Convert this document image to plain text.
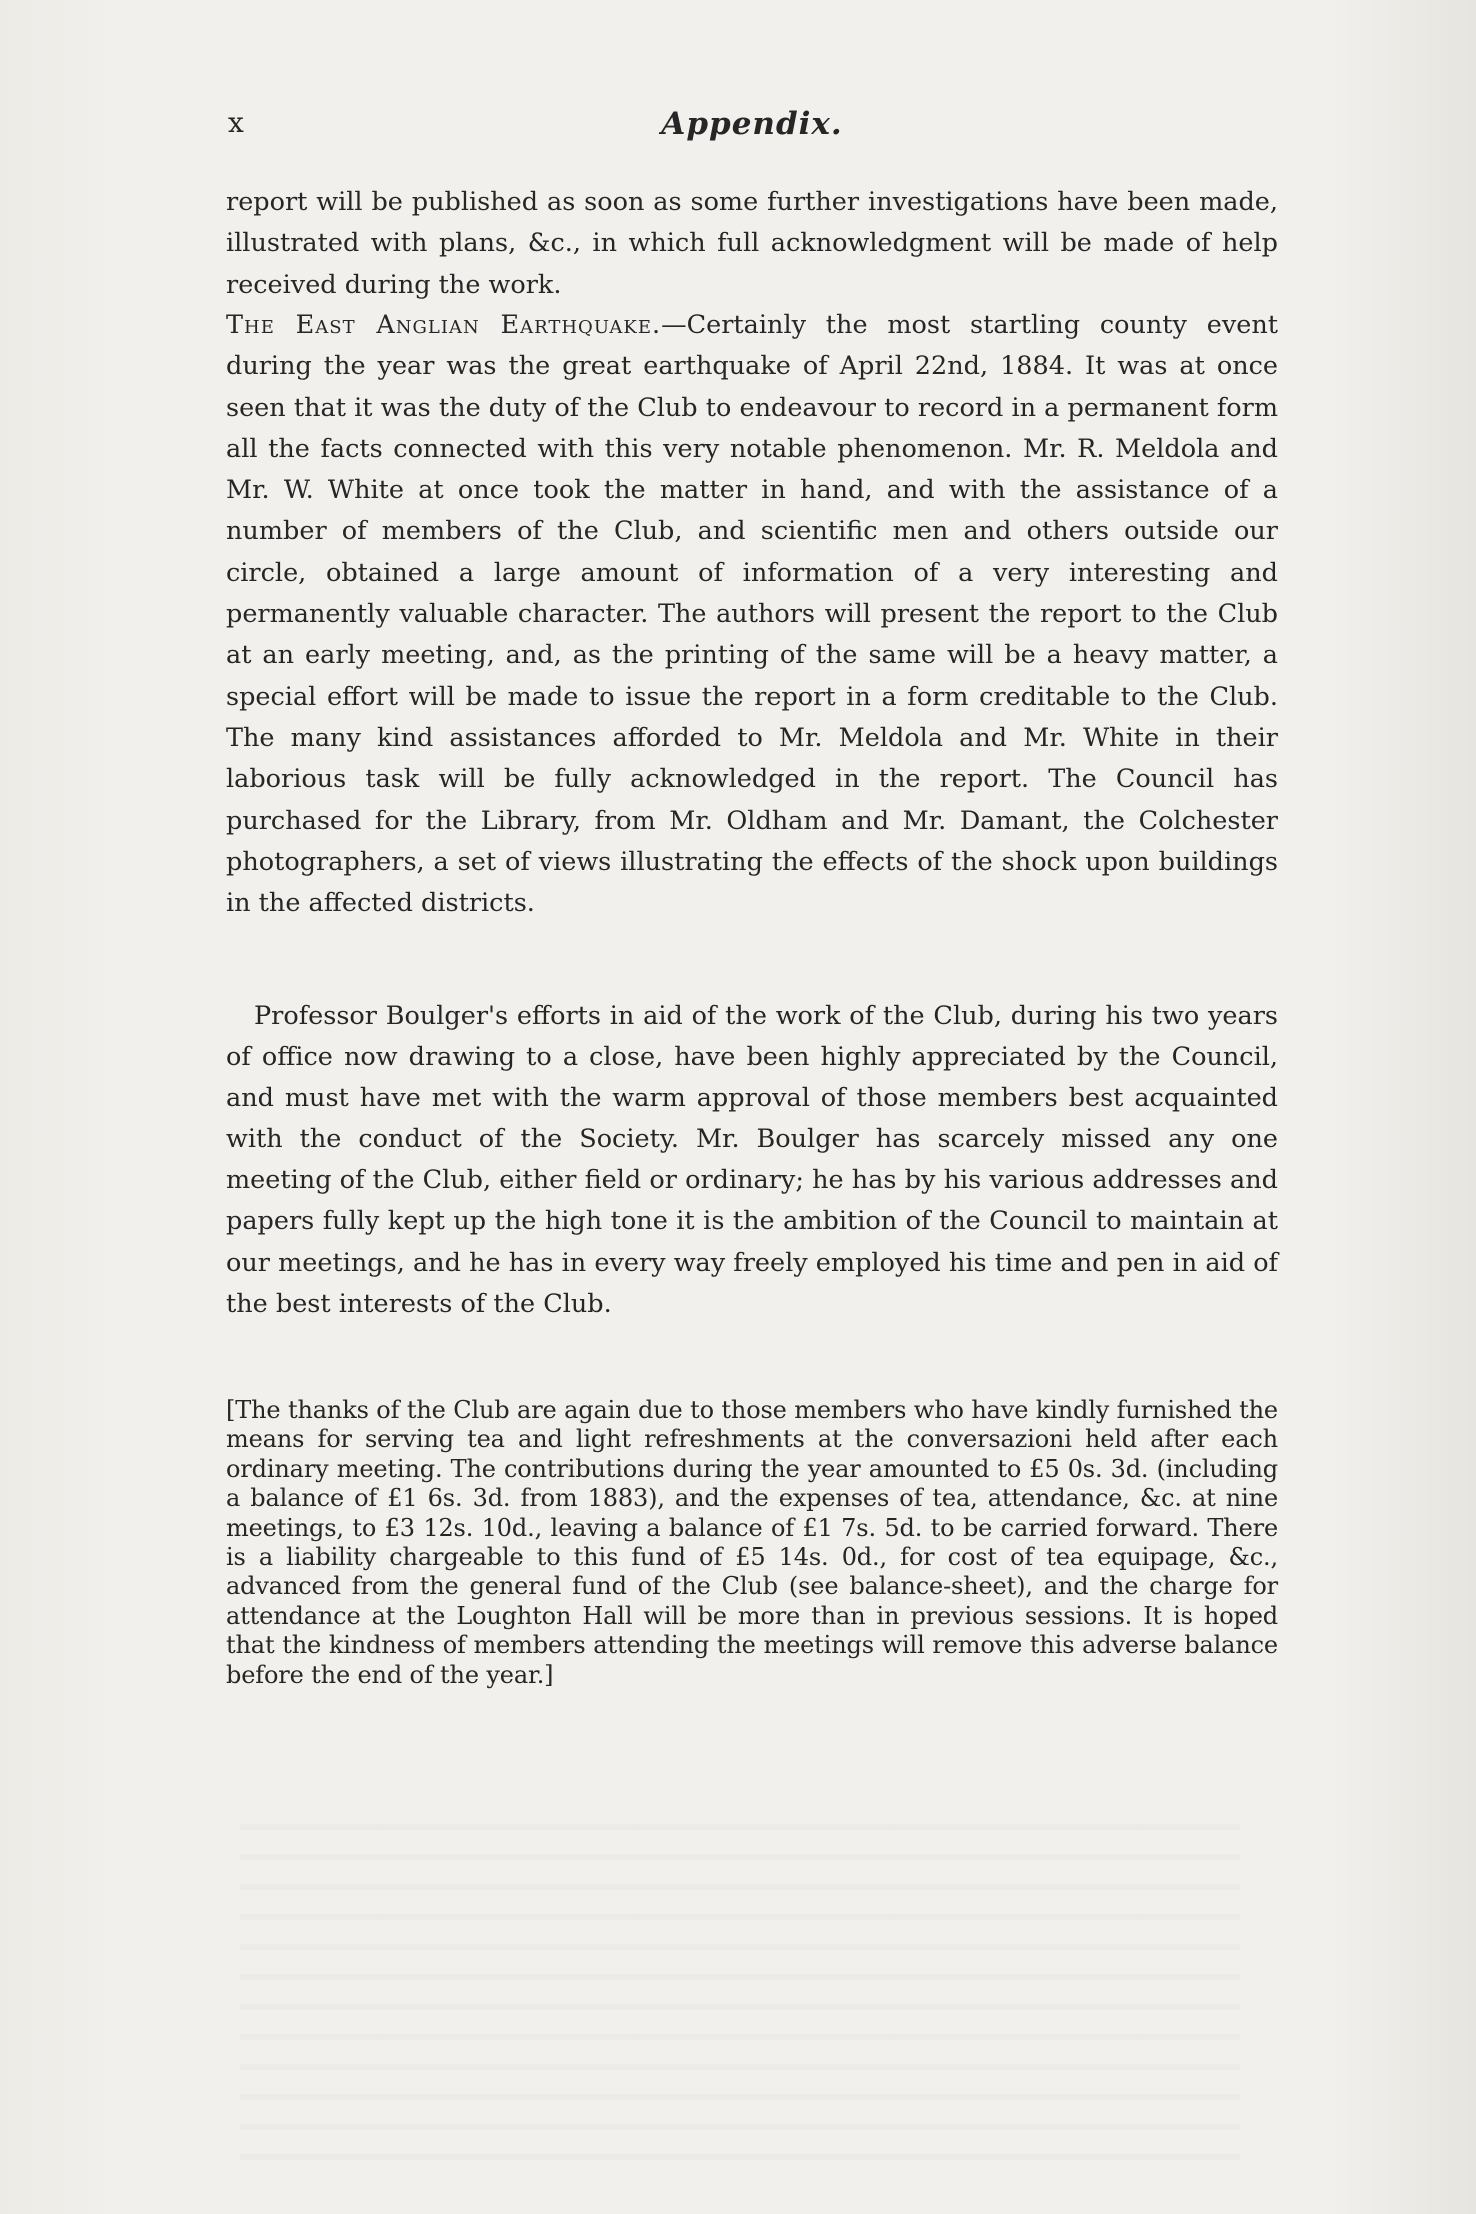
x	Appendix.

report will be published as soon as some further investigations have been made, illustrated with plans, &c., in which full acknowledgment will be made of help received during the work.

The East Anglian Earthquake.—Certainly the most startling county event during the year was the great earthquake of April 22nd, 1884. It was at once seen that it was the duty of the Club to endeavour to record in a permanent form all the facts connected with this very notable phenomenon. Mr. R. Meldola and Mr. W. White at once took the matter in hand, and with the assistance of a number of members of the Club, and scientific men and others outside our circle, obtained a large amount of information of a very interesting and permanently valuable character. The authors will present the report to the Club at an early meeting, and, as the printing of the same will be a heavy matter, a special effort will be made to issue the report in a form creditable to the Club. The many kind assistances afforded to Mr. Meldola and Mr. White in their laborious task will be fully acknowledged in the report. The Council has purchased for the Library, from Mr. Oldham and Mr. Damant, the Colchester photographers, a set of views illustrating the effects of the shock upon buildings in the affected districts.

Professor Boulger's efforts in aid of the work of the Club, during his two years of office now drawing to a close, have been highly appreciated by the Council, and must have met with the warm approval of those members best acquainted with the conduct of the Society. Mr. Boulger has scarcely missed any one meeting of the Club, either field or ordinary; he has by his various addresses and papers fully kept up the high tone it is the ambition of the Council to maintain at our meetings, and he has in every way freely employed his time and pen in aid of the best interests of the Club.

[The thanks of the Club are again due to those members who have kindly furnished the means for serving tea and light refreshments at the conversazioni held after each ordinary meeting. The contributions during the year amounted to £5 0s. 3d. (including a balance of £1 6s. 3d. from 1883), and the expenses of tea, attendance, &c. at nine meetings, to £3 12s. 10d., leaving a balance of £1 7s. 5d. to be carried forward. There is a liability chargeable to this fund of £5 14s. 0d., for cost of tea equipage, &c., advanced from the general fund of the Club (see balance-sheet), and the charge for attendance at the Loughton Hall will be more than in previous sessions. It is hoped that the kindness of members attending the meetings will remove this adverse balance before the end of the year.]
